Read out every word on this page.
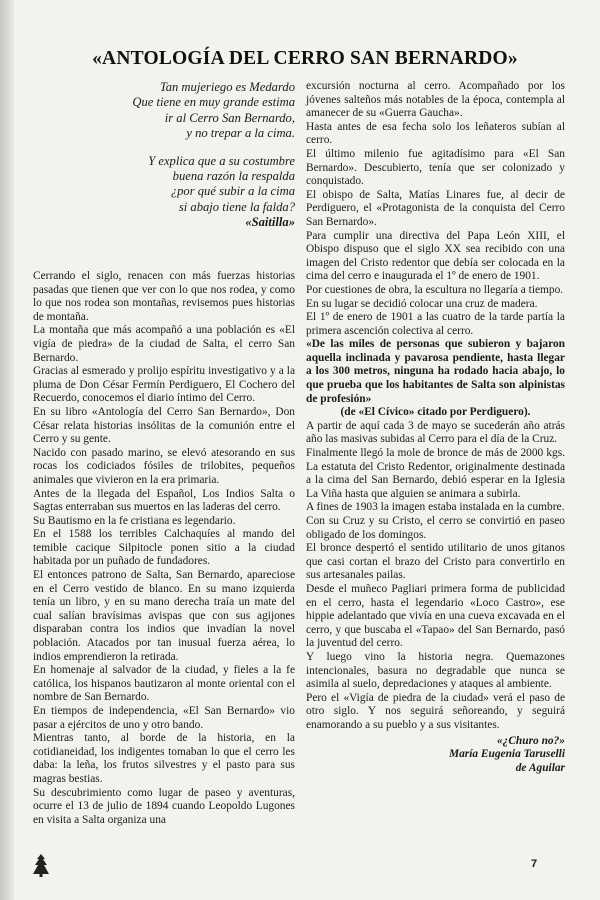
«ANTOLOGÍA DEL CERRO SAN BERNARDO»
Tan mujeriego es Medardo
Que tiene en muy grande estima
ir al Cerro San Bernardo,
y no trepar a la cima.
Y explica que a su costumbre
buena razón la respalda
¿por qué subir a la cima
si abajo tiene la falda?
«Saitilla»

Cerrando el siglo, renacen con más fuerzas historias pasadas que tienen que ver con lo que nos rodea, y como lo que nos rodea son montañas, revisemos pues historias de montaña.

La montaña que más acompañó a una población es «El vigía de piedra» de la ciudad de Salta, el cerro San Bernardo.

Gracias al esmerado y prolijo espíritu investigativo y a la pluma de Don César Fermín Perdiguero, El Cochero del Recuerdo, conocemos el diario íntimo del Cerro.

En su libro «Antología del Cerro San Bernardo», Don César relata historias insólitas de la comunión entre el Cerro y su gente.

Nacido con pasado marino, se elevó atesorando en sus rocas los codiciados fósiles de trilobites, pequeños animales que vivieron en la era primaria.

Antes de la llegada del Español, Los Indios Salta o Sagtas enterraban sus muertos en las laderas del cerro.

Su Bautismo en la fe cristiana es legendario.

En el 1588 los terribles Calchaquíes al mando del temible cacique Silpitocle ponen sitio a la ciudad habitada por un puñado de fundadores.

El entonces patrono de Salta, San Bernardo, apareciose en el Cerro vestido de blanco. En su mano izquierda tenía un libro, y en su mano derecha traía un mate del cual salían bravísimas avispas que con sus agijones disparaban contra los indios que invadían la novel población. Atacados por tan inusual fuerza aérea, lo indios emprendieron la retirada.

En homenaje al salvador de la ciudad, y fieles a la fe católica, los hispanos bautizaron al monte oriental con el nombre de San Bernardo.

En tiempos de independencia, «El San Bernardo» vio pasar a ejércitos de uno y otro bando.

Mientras tanto, al borde de la historia, en la cotidianeidad, los indigentes tomaban lo que el cerro les daba: la leña, los frutos silvestres y el pasto para sus magras bestias.

Su descubrimiento como lugar de paseo y aventuras, ocurre el 13 de julio de 1894 cuando Leopoldo Lugones en visita a Salta organiza una

excursión nocturna al cerro. Acompañado por los jóvenes salteños más notables de la época, contempla al amanecer de su «Guerra Gaucha».

Hasta antes de esa fecha solo los leñateros subían al cerro.

El último milenio fue agitadísimo para «El San Bernardo». Descubierto, tenía que ser colonizado y conquistado.

El obispo de Salta, Matías Linares fue, al decir de Perdiguero, el «Protagonista de la conquista del Cerro San Bernardo».

Para cumplir una directiva del Papa León XIII, el Obispo dispuso que el siglo XX sea recibido con una imagen del Cristo redentor que debía ser colocada en la cima del cerro e inaugurada el 1º de enero de 1901.

Por cuestiones de obra, la escultura no llegaría a tiempo.

En su lugar se decidió colocar una cruz de madera.

El 1º de enero de 1901 a las cuatro de la tarde partía la primera ascención colectiva al cerro.

«De las miles de personas que subieron y bajaron aquella inclinada y pavarosa pendiente, hasta llegar a los 300 metros, ninguna ha rodado hacia abajo, lo que prueba que los habitantes de Salta son alpinistas de profesión»

(de «El Cívico» citado por Perdiguero).

A partir de aquí cada 3 de mayo se sucederán año atrás año las masivas subidas al Cerro para el día de la Cruz.

Finalmente llegó la mole de bronce de más de 2000 kgs. La estatuta del Cristo Redentor, originalmente destinada a la cima del San Bernardo, debió esperar en la Iglesia La Viña hasta que alguien se animara a subirla.

A fines de 1903 la imagen estaba instalada en la cumbre.

Con su Cruz y su Cristo, el cerro se convirtió en paseo obligado de los domingos.

El bronce despertó el sentido utilitario de unos gitanos que casi cortan el brazo del Cristo para convertirlo en sus artesanales pailas.

Desde el muñeco Pagliari primera forma de publicidad en el cerro, hasta el legendario «Loco Castro», ese hippie adelantado que vivía en una cueva excavada en el cerro, y que buscaba el «Tapao» del San Bernardo, pasó la juventud del cerro.

Y luego vino la historia negra. Quemazones intencionales, basura no degradable que nunca se asimila al suelo, depredaciones y ataques al ambiente.

Pero el «Vigía de piedra de la ciudad» verá el paso de otro siglo. Y nos seguirá señoreando, y seguirá enamorando a su pueblo y a sus visitantes.

«¿Churo no?»

María Eugenia Taruselli

de Aguilar

7
